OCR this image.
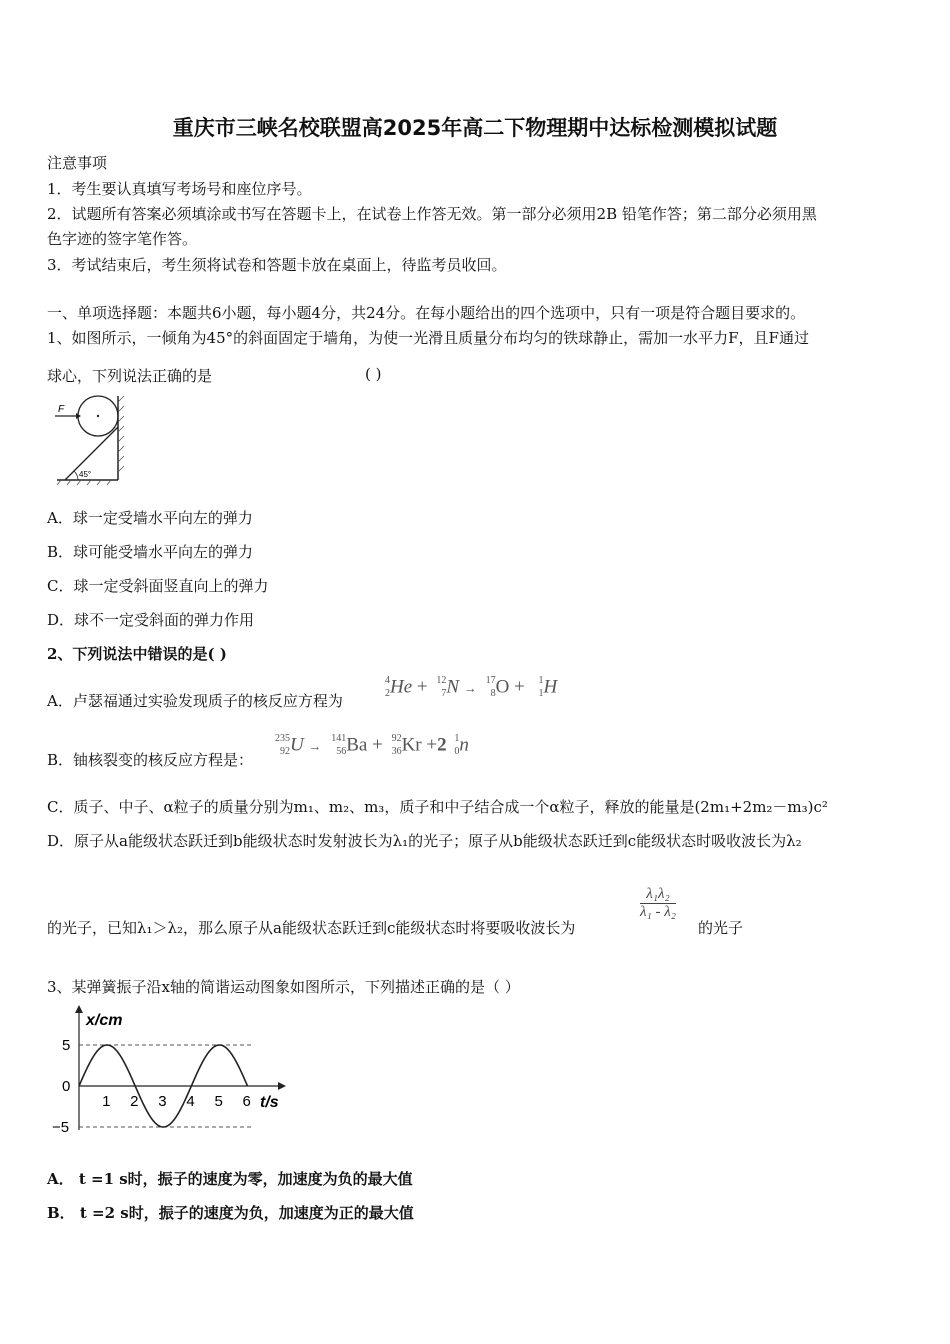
重庆市三峡名校联盟高2025年高二下物理期中达标检测模拟试题
注意事项
1．考生要认真填写考场号和座位序号。
2．试题所有答案必须填涂或书写在答题卡上，在试卷上作答无效。第一部分必须用2B 铅笔作答；第二部分必须用黑
色字迹的签字笔作答。
3．考试结束后，考生须将试卷和答题卡放在桌面上，待监考员收回。
一、单项选择题：本题共6小题，每小题4分，共24分。在每小题给出的四个选项中，只有一项是符合题目要求的。
1、如图所示，一倾角为45°的斜面固定于墙角，为使一光滑且质量分布均匀的铁球静止，需加一水平力F，且F通过
球心，下列说法正确的是	( )
F
45°
A．球一定受墙水平向左的弹力
B．球可能受墙水平向左的弹力
C．球一定受斜面竖直向上的弹力
D．球不一定受斜面的弹力作用
2、下列说法中错误的是( )
A．卢瑟福通过实验发现质子的核反应方程为
4
2 He + 12
7 N → 17
8 O + 1
1 H
B．铀核裂变的核反应方程是：
235
92 U → 141
56 Ba + 92
36 Kr +2 1
0 n
C．质子、中子、α粒子的质量分别为m₁、m₂、m₃，质子和中子结合成一个α粒子，释放的能量是(2m₁+2m₂－m₃)c²
D．原子从a能级状态跃迁到b能级状态时发射波长为λ₁的光子；原子从b能级状态跃迁到c能级状态时吸收波长为λ₂
的光子，已知λ₁＞λ₂，那么原子从a能级状态跃迁到c能级状态时将要吸收波长为
$\frac{\text{λ₁λ₂}}{\text{λ₁ - λ₂}}$
的光子
3、某弹簧振子沿x轴的简谐运动图象如图所示，下列描述正确的是（ ）
x/cm
t/s
1 2 3 4 5 6
5
0
−5
A． t =1 s时，振子的速度为零，加速度为负的最大值
B． t =2 s时，振子的速度为负，加速度为正的最大值
